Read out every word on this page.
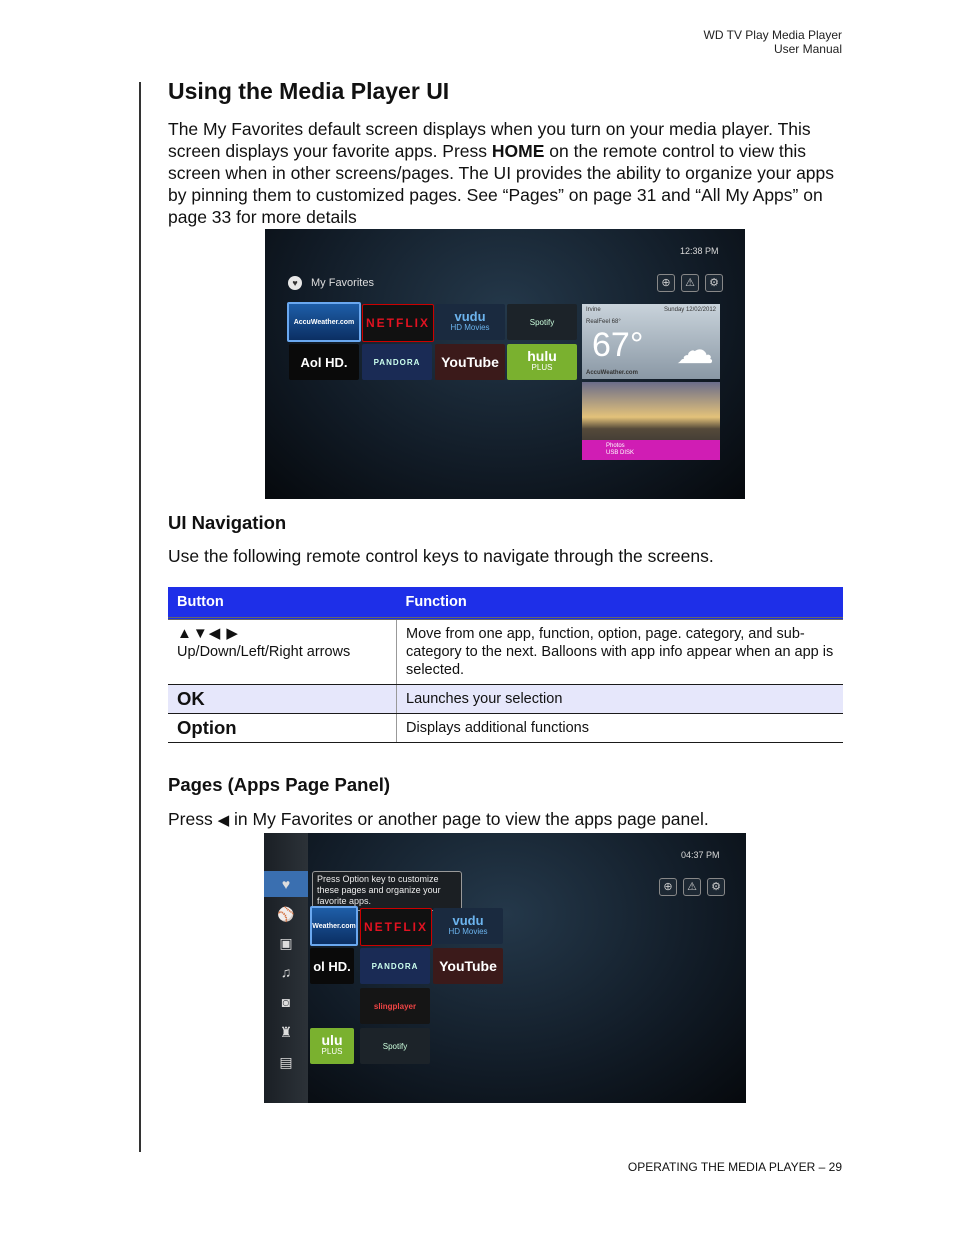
WD TV Play Media Player
User Manual
Using the Media Player UI

The My Favorites default screen displays when you turn on your media player. This screen displays your favorite apps. Press HOME on the remote control to view this screen when in other screens/pages. The UI provides the ability to organize your apps by pinning them to customized pages. See “Pages” on page 31 and “All My Apps” on page 33 for more details

12:38 PM
♥	My Favorites	⊕	⚠	⚙
AccuWeather.com NETFLIX	vudu
HD Movies
Spotify
Aol HD.	PANDORA	YouTube	hulu
PLUS
Irvine	Sunday 12/02/2012
RealFeel 68°
67° ☁
AccuWeather.com
Photos
USB DISK
UI Navigation

Use the following remote control keys to navigate through the screens.

Button	Function

▲▼◀ ▶
Up/Down/Left/Right arrows	Move from one app, function, option, page. category, and sub-category to the next. Balloons with app info appear when an app is selected.
OK	Launches your selection
Option	Displays additional functions
Pages (Apps Page Panel)

Press ◀ in My Favorites or another page to view the apps page panel.

♥
⚾
▣
♫
◙
♜
▤
Press Option key to customize these pages and organize your favorite apps.
04:37 PM
⊕	⚠	⚙
Weather.com NETFLIX	vudu
HD Movies
ol HD.	PANDORA	YouTube
slingplayer
ulu
PLUS
Spotify
OPERATING THE MEDIA PLAYER – 29
